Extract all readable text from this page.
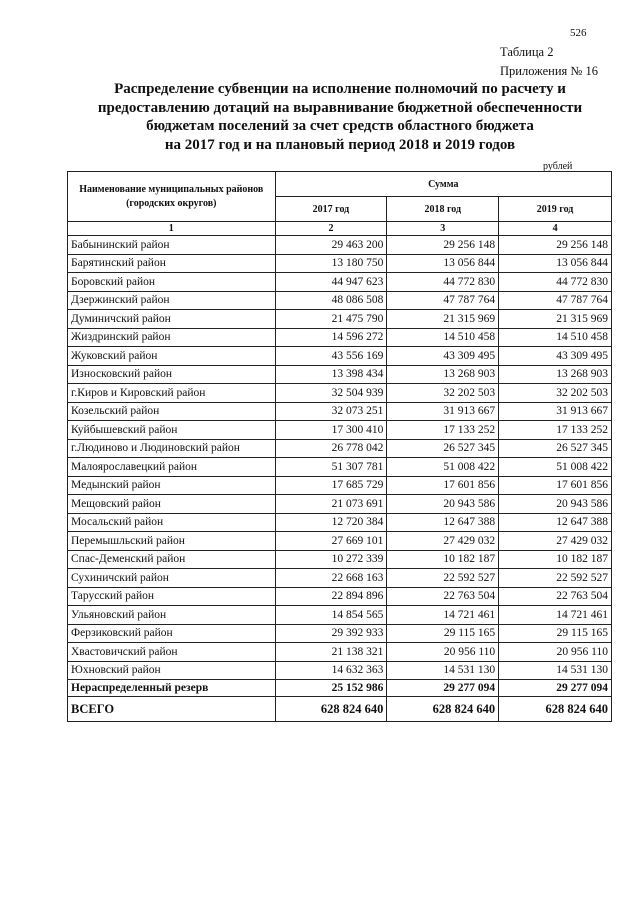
526
Таблица 2
Приложения № 16
Распределение субвенции на исполнение полномочий по расчету и
предоставлению дотаций на выравнивание бюджетной обеспеченности
бюджетам поселений за счет средств областного бюджета
на 2017 год и на плановый период 2018 и 2019 годов
рублей
Наименование муниципальных районов (городских округов)	Сумма		
	2017 год	2018 год	2019 год
1	2	3	4
Бабынинский район	29 463 200	29 256 148	29 256 148
Барятинский район	13 180 750	13 056 844	13 056 844
Боровский район	44 947 623	44 772 830	44 772 830
Дзержинский район	48 086 508	47 787 764	47 787 764
Думиничский район	21 475 790	21 315 969	21 315 969
Жиздринский район	14 596 272	14 510 458	14 510 458
Жуковский район	43 556 169	43 309 495	43 309 495
Износковский район	13 398 434	13 268 903	13 268 903
г.Киров и Кировский район	32 504 939	32 202 503	32 202 503
Козельский район	32 073 251	31 913 667	31 913 667
Куйбышевский район	17 300 410	17 133 252	17 133 252
г.Людиново и Людиновский район	26 778 042	26 527 345	26 527 345
Малоярославецкий район	51 307 781	51 008 422	51 008 422
Медынский район	17 685 729	17 601 856	17 601 856
Мещовский район	21 073 691	20 943 586	20 943 586
Мосальский район	12 720 384	12 647 388	12 647 388
Перемышльский район	27 669 101	27 429 032	27 429 032
Спас-Деменский район	10 272 339	10 182 187	10 182 187
Сухиничский район	22 668 163	22 592 527	22 592 527
Тарусский район	22 894 896	22 763 504	22 763 504
Ульяновский район	14 854 565	14 721 461	14 721 461
Ферзиковский район	29 392 933	29 115 165	29 115 165
Хвастовичский район	21 138 321	20 956 110	20 956 110
Юхновский район	14 632 363	14 531 130	14 531 130
Нераспределенный резерв	25 152 986	29 277 094	29 277 094
ВСЕГО	628 824 640	628 824 640	628 824 640
